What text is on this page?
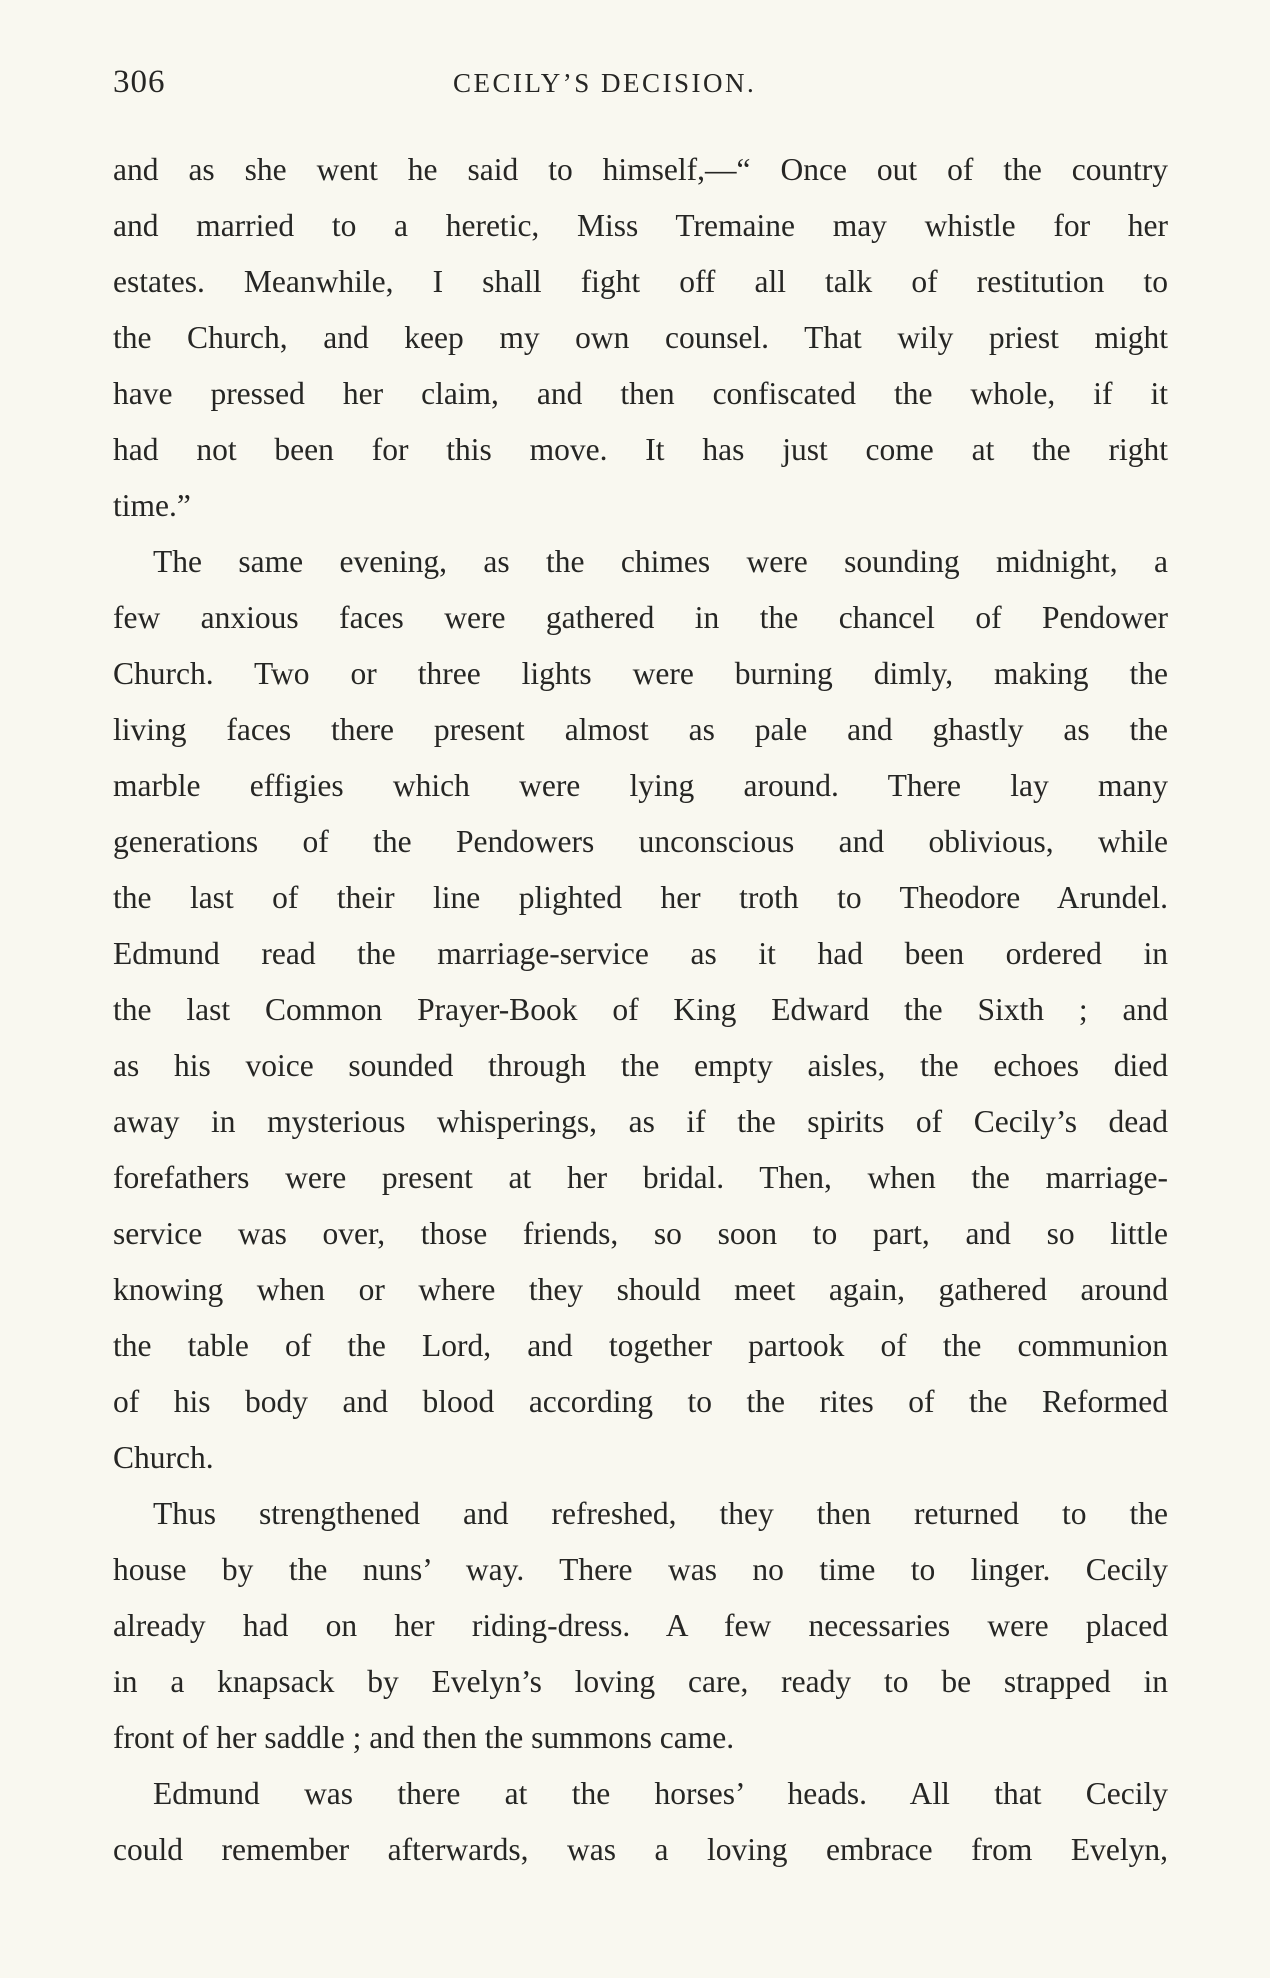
306	CECILY’S DECISION.
and as she went he said to himself,—“ Once out of the country
and married to a heretic, Miss Tremaine may whistle for her
estates. Meanwhile, I shall fight off all talk of restitution to
the Church, and keep my own counsel. That wily priest might
have pressed her claim, and then confiscated the whole, if it
had not been for this move. It has just come at the right
time.”
The same evening, as the chimes were sounding midnight, a
few anxious faces were gathered in the chancel of Pendower
Church. Two or three lights were burning dimly, making the
living faces there present almost as pale and ghastly as the
marble effigies which were lying around. There lay many
generations of the Pendowers unconscious and oblivious, while
the last of their line plighted her troth to Theodore Arundel.
Edmund read the marriage-service as it had been ordered in
the last Common Prayer-Book of King Edward the Sixth ; and
as his voice sounded through the empty aisles, the echoes died
away in mysterious whisperings, as if the spirits of Cecily’s dead
forefathers were present at her bridal. Then, when the marriage-
service was over, those friends, so soon to part, and so little
knowing when or where they should meet again, gathered around
the table of the Lord, and together partook of the communion
of his body and blood according to the rites of the Reformed
Church.
Thus strengthened and refreshed, they then returned to the
house by the nuns’ way. There was no time to linger. Cecily
already had on her riding-dress. A few necessaries were placed
in a knapsack by Evelyn’s loving care, ready to be strapped in
front of her saddle ; and then the summons came.
Edmund was there at the horses’ heads. All that Cecily
could remember afterwards, was a loving embrace from Evelyn,
